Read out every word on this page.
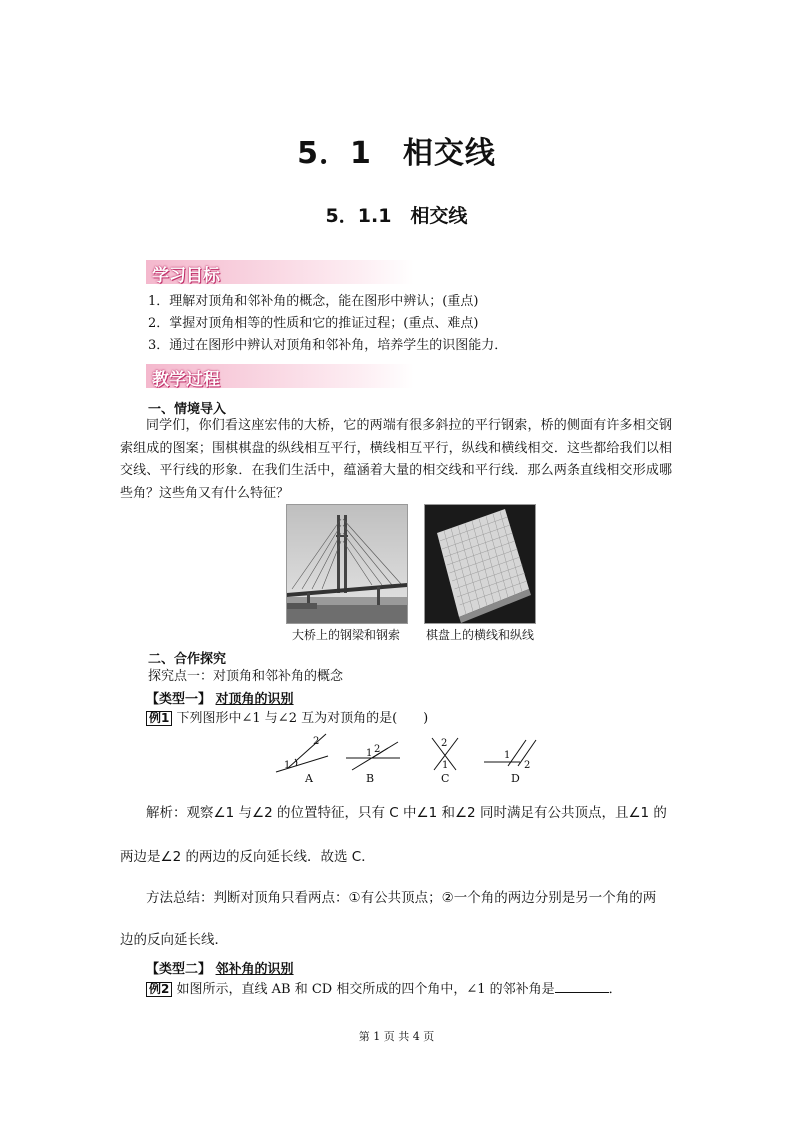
5．1　相交线
5．1.1　相交线
学习目标
1．理解对顶角和邻补角的概念，能在图形中辨认；(重点)
2．掌握对顶角相等的性质和它的推证过程；(重点、难点)
3．通过在图形中辨认对顶角和邻补角，培养学生的识图能力．
教学过程
一、情境导入
同学们，你们看这座宏伟的大桥，它的两端有很多斜拉的平行钢索，桥的侧面有许多相交钢索组成的图案；围棋棋盘的纵线相互平行，横线相互平行，纵线和横线相交．这些都给我们以相交线、平行线的形象．在我们生活中，蕴涵着大量的相交线和平行线．那么两条直线相交形成哪些角？这些角又有什么特征？
大桥上的钢梁和钢索	棋盘上的横线和纵线
二、合作探究
探究点一：对顶角和邻补角的概念
【类型一】 对顶角的识别
例1 下列图形中∠1 与∠2 互为对顶角的是(　　)
2
1
1 2
2
1
1
2
A	B	C	D
解析：观察∠1 与∠2 的位置特征，只有 C 中∠1 和∠2 同时满足有公共顶点，且∠1 的
两边是∠2 的两边的反向延长线．故选 C．
方法总结：判断对顶角只看两点：①有公共顶点；②一个角的两边分别是另一个角的两
边的反向延长线．
【类型二】 邻补角的识别
例2 如图所示，直线 AB 和 CD 相交所成的四个角中，∠1 的邻补角是	．
第 1 页 共 4 页
